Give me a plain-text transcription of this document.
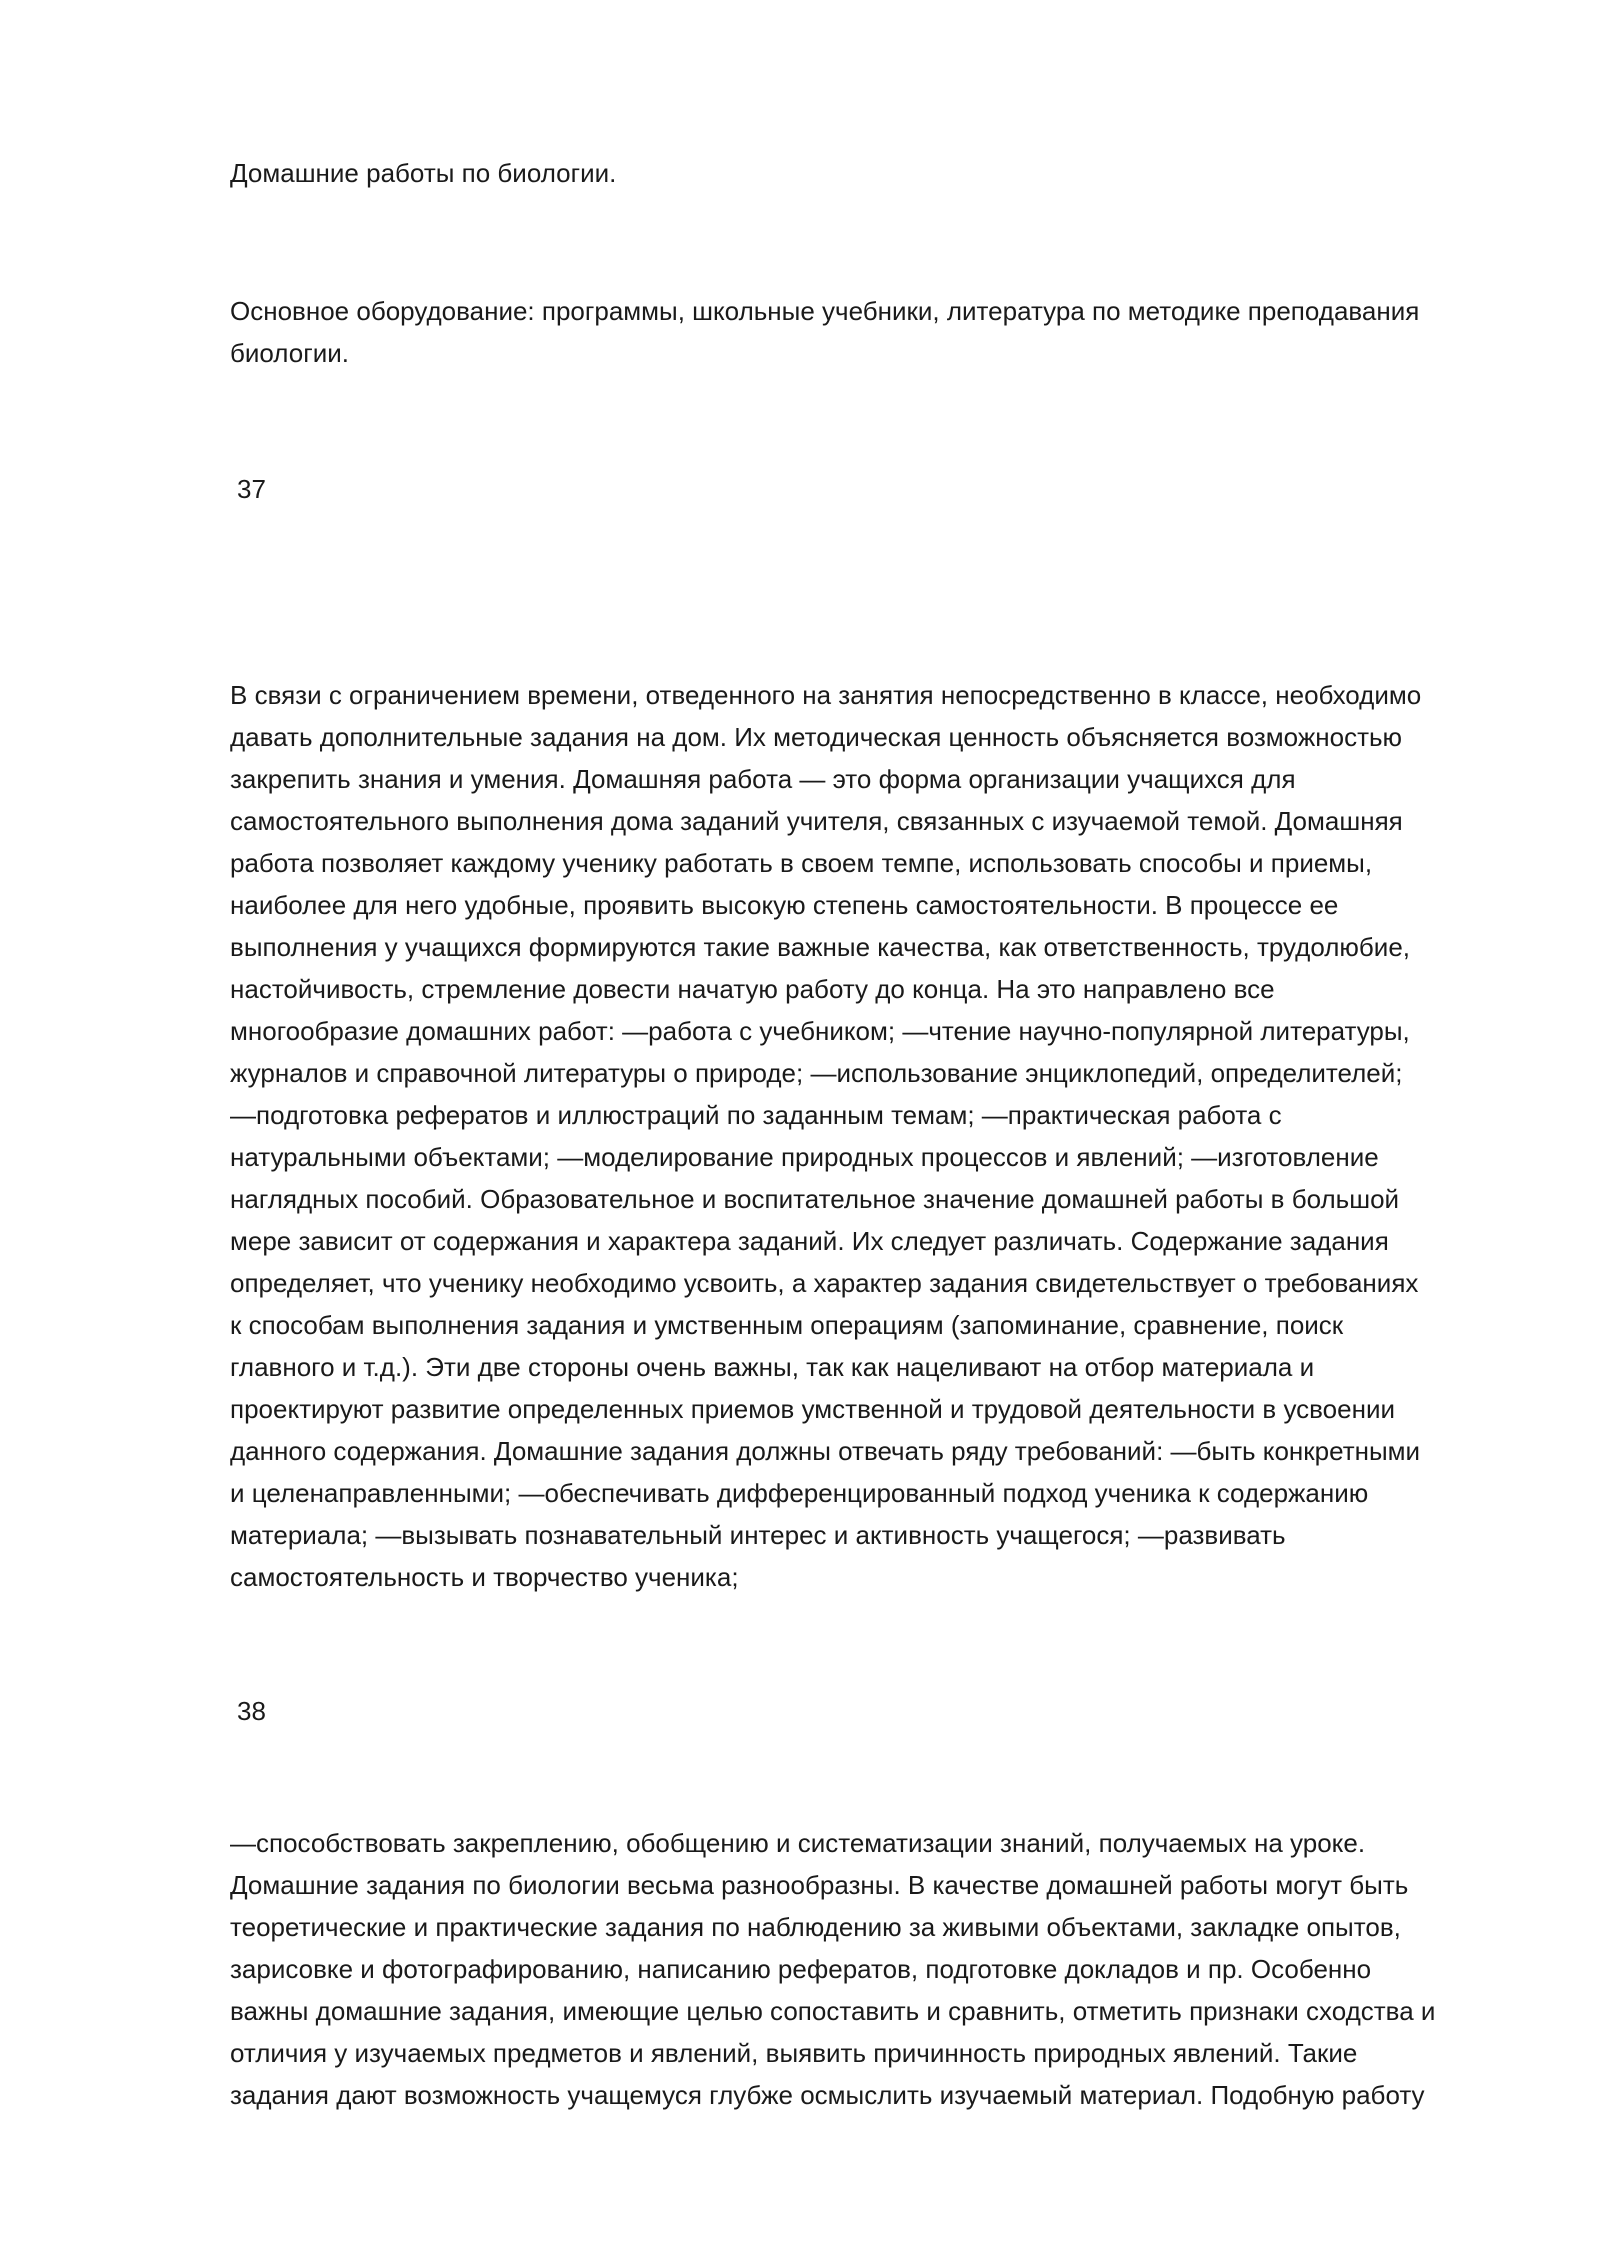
Домашние работы по биологии.

Основное оборудование: программы, школьные учебники, литература по методике преподавания
биологии.

37

В связи с ограничением времени, отведенного на занятия непосредственно в классе, необходимо
давать дополнительные задания на дом. Их методическая ценность объясняется возможностью
закрепить знания и умения. Домашняя работа — это форма организации учащихся для
самостоятельного выполнения дома заданий учителя, связанных с изучаемой темой. Домашняя
работа позволяет каждому ученику работать в своем темпе, использовать способы и приемы,
наиболее для него удобные, проявить высокую степень самостоятельности. В процессе ее
выполнения у учащихся формируются такие важные качества, как ответственность, трудолюбие,
настойчивость, стремление довести начатую работу до конца. На это направлено все
многообразие домашних работ: —работа с учебником; —чтение научно-популярной литературы,
журналов и справочной литературы о природе; —использование энциклопедий, определителей;
—подготовка рефератов и иллюстраций по заданным темам; —практическая работа с
натуральными объектами; —моделирование природных процессов и явлений; —изготовление
наглядных пособий. Образовательное и воспитательное значение домашней работы в большой
мере зависит от содержания и характера заданий. Их следует различать. Содержание задания
определяет, что ученику необходимо усвоить, а характер задания свидетельствует о требованиях
к способам выполнения задания и умственным операциям (запоминание, сравнение, поиск
главного и т.д.). Эти две стороны очень важны, так как нацеливают на отбор материала и
проектируют развитие определенных приемов умственной и трудовой деятельности в усвоении
данного содержания. Домашние задания должны отвечать ряду требований: —быть конкретными
и целенаправленными; —обеспечивать дифференцированный подход ученика к содержанию
материала; —вызывать познавательный интерес и активность учащегося; —развивать
самостоятельность и творчество ученика;

38

—способствовать закреплению, обобщению и систематизации знаний, получаемых на уроке.
Домашние задания по биологии весьма разнообразны. В качестве домашней работы могут быть
теоретические и практические задания по наблюдению за живыми объектами, закладке опытов,
зарисовке и фотографированию, написанию рефератов, подготовке докладов и пр. Особенно
важны домашние задания, имеющие целью сопоставить и сравнить, отметить признаки сходства и
отличия у изучаемых предметов и явлений, выявить причинность природных явлений. Такие
задания дают возможность учащемуся глубже осмыслить изучаемый материал. Подобную работу
